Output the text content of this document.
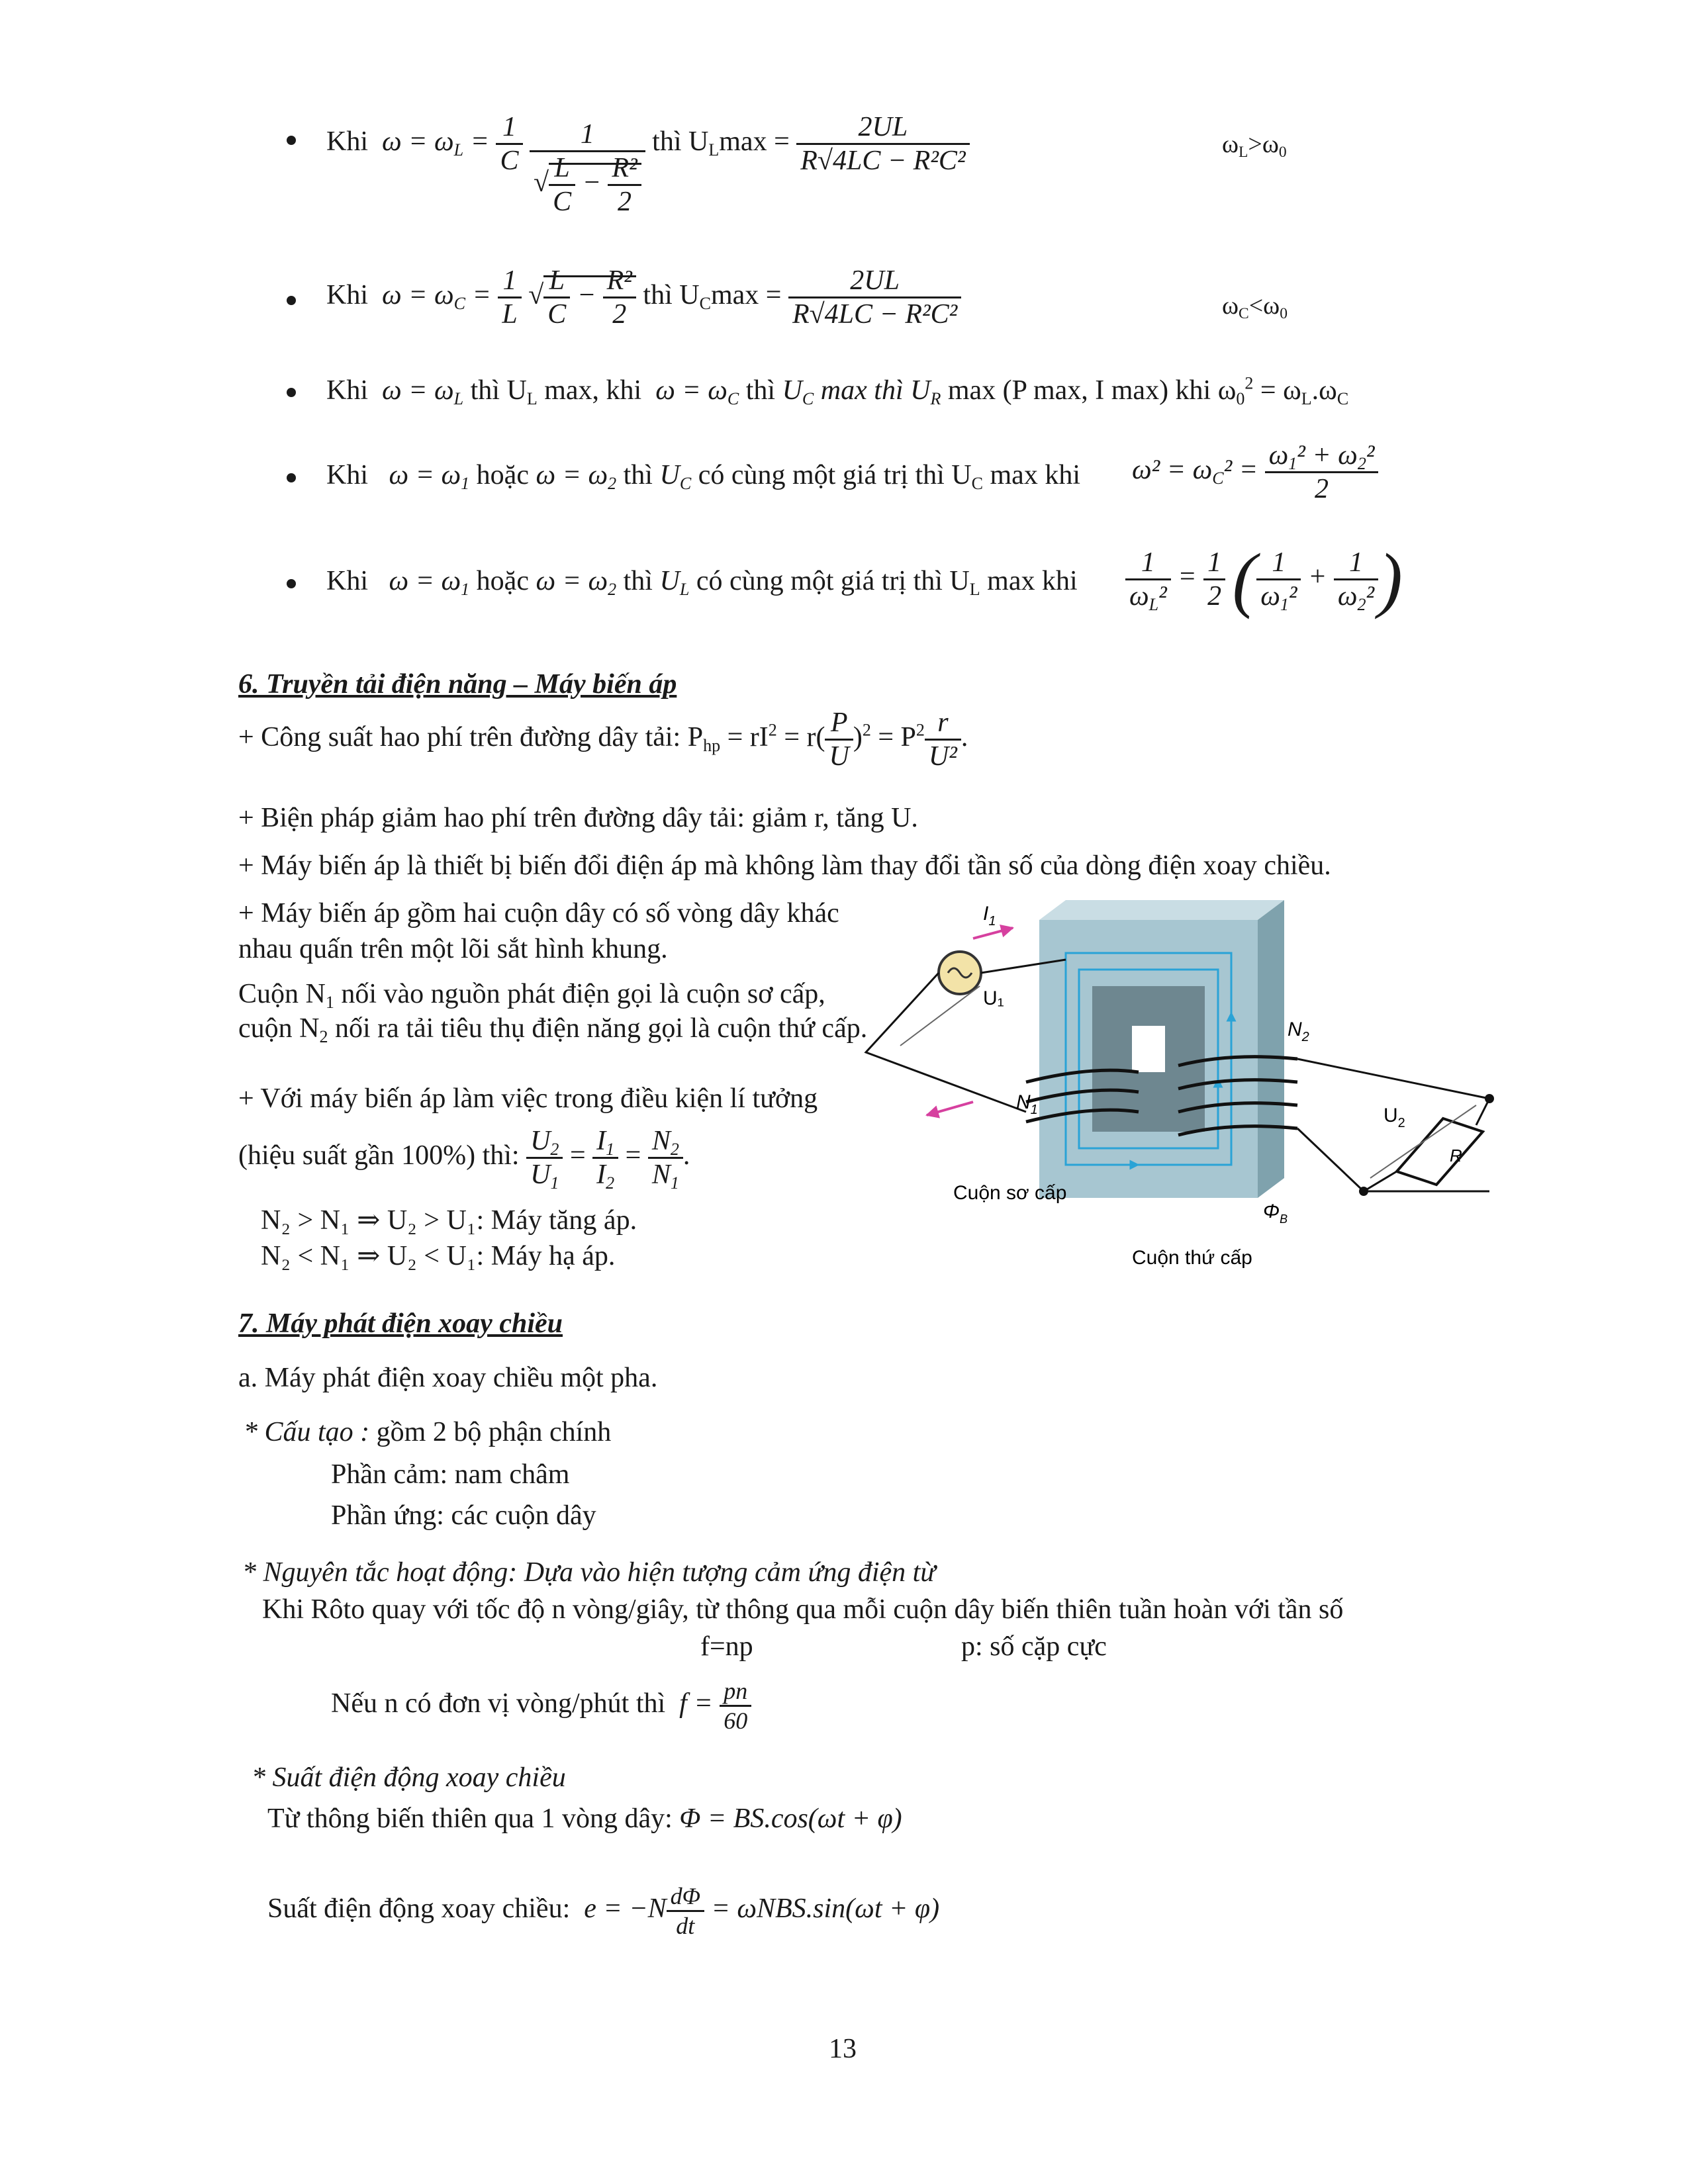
Khi  $\omega = \omega_L = \frac{1}{C}$
$\frac{1}{√ \frac{L}{C} - \frac{\text{R²}}{2}}$ thì $U_L\max = \frac{2UL}{\text{R√4LC − R²C²}}$	$\omega_L>\omega_0$
Khi  $\omega = \omega_C = \frac{1}{L}$ √ $\frac{L}{C} - \frac{\text{R²}}{2}$ thì $U_C\max = \frac{2UL}{\text{R√4LC − R²C²}}$	$\omega_C<\omega_0$
Khi  $\omega = \omega_L$ thì $U_L$ max, khi  $\omega = \omega_C$ thì $U_C$ max thì $U_R$ max (P max, I max) khi $\omega_0^2 = \omega_L.\omega_C$
Khi   $\omega = \omega_1$ hoặc $\omega = \omega_2$ thì $U_C$ có cùng một giá trị thì $U_C$ max khi $\omega^2 = \omega_C^2 = \frac{\omega_1^2 + \omega_2^2}{2}$
Khi   $\omega = \omega_1$ hoặc $\omega = \omega_2$ thì $U_L$ có cùng một giá trị thì $U_L$ max khi $\frac{1}{\omega_L^2} = \frac{1}{2}$ ( $\frac{1}{\omega_1^2} + \frac{1}{\omega_2^2}$ )
6. Truyền tải điện năng – Máy biến áp
+ Công suất hao phí trên đường dây tải: $P_{hp} = rI^2 = r( \frac{P}{U} )^2 = P^2 \frac{r}{\text{U²}}$ .
+ Biện pháp giảm hao phí trên đường dây tải: giảm r, tăng U.
+ Máy biến áp là thiết bị biến đổi điện áp mà không làm thay đổi tần số của dòng điện xoay chiều.
+ Máy biến áp gồm hai cuộn dây có số vòng dây khác
nhau quấn trên một lõi sắt hình khung.
Cuộn $N_1$ nối vào nguồn phát điện gọi là cuộn sơ cấp,
cuộn $N_2$ nối ra tải tiêu thụ điện năng gọi là cuộn thứ cấp.
+ Với máy biến áp làm việc trong điều kiện lí tưởng
(hiệu suất gần 100%) thì: $\frac{U_2}{U_1} = \frac{I_1}{I_2} = \frac{N_2}{N_1}$ .
N₂ > N₁ ⇒ U₂ > U₁: Máy tăng áp.
N₂ < N₁ ⇒ U₂ < U₁: Máy hạ áp.
$I_1$
U₁
$N_1$
$N_2$
$U_2$
R
$\Phi_B$
Cuộn sơ cấp
Cuộn thứ cấp
7. Máy phát điện xoay chiều
a. Máy phát điện xoay chiều một pha.
* Cấu tạo : gồm 2 bộ phận chính
Phần cảm: nam châm
Phần ứng: các cuộn dây
* Nguyên tắc hoạt động: Dựa vào hiện tượng cảm ứng điện từ
Khi Rôto quay với tốc độ n vòng/giây, từ thông qua mỗi cuộn dây biến thiên tuần hoàn với tần số
f=np	p: số cặp cực
Nếu n có đơn vị vòng/phút thì  $f = \frac{pn}{60}$
* Suất điện động xoay chiều
Từ thông biến thiên qua 1 vòng dây: Φ = BS.cos(ωt + φ)
Suất điện động xoay chiều:  $e = -N \frac{d\Phi}{dt} = \omega NBS.\sin(\omega t + \varphi)$
13
